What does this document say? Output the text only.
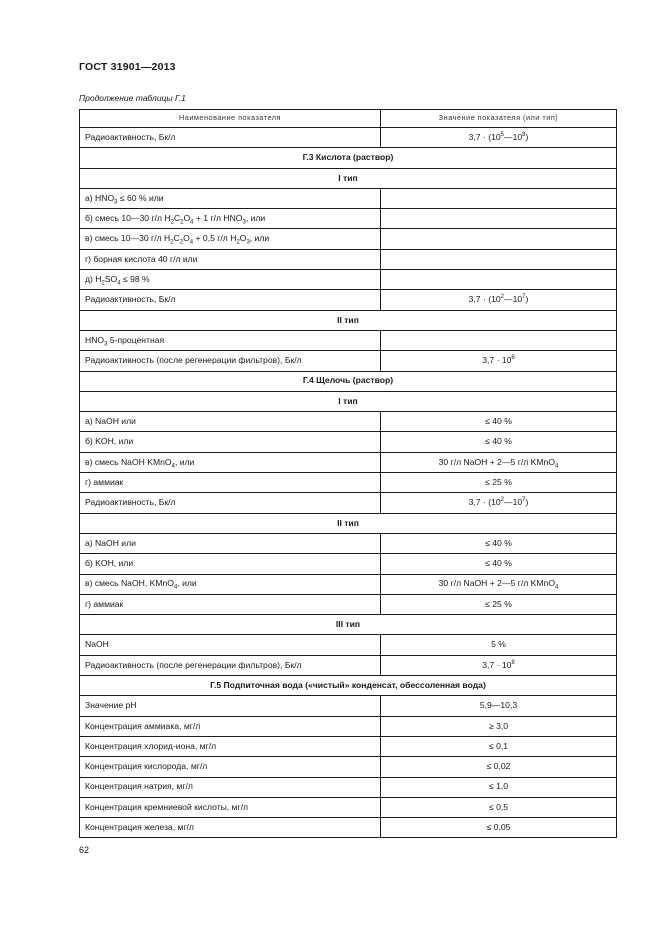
ГОСТ 31901—2013
Продолжение таблицы Г.1
Наименование показателя	Значение показателя (или тип)
Радиоактивность, Бк/л	$3,7 \cdot (10^5—10^8)$
Г.3 Кислота (раствор)	
I тип	
а) $HNO_3 \le 60$ % или	
б) смесь 10—30 г/л $H_2C_2O_4 + 1$ г/л $HNO_3$, или	
в) смесь 10—30 г/л $H_2C_2O_4 + 0,5$ г/л $H_2O_3$, или	
г) борная кислота 40 г/л или	
д) $H_2SO_4 \le 98$ %	
Радиоактивность, Бк/л	$3,7 \cdot (10^2—10^7)$
II тип	
$HNO_3$ 5-процентная	
Радиоактивность (после регенерации фильтров), Бк/л	$3,7 \cdot 10^8$
Г.4 Щелочь (раствор)	
I тип	
а) NaOH или	≤ 40 %
б) KOH, или	≤ 40 %
в) смесь NaOH KMnO$_4$, или	30 г/л NaOH + 2—5 г/л KMnO$_4$
г) аммиак	≤ 25 %
Радиоактивность, Бк/л	$3,7 \cdot (10^2—10^7)$
II тип	
а) NaOH или	≤ 40 %
б) KOH, или	≤ 40 %
в) смесь NaOH, KMnO$_4$, или	30 г/л NaOH + 2—5 г/л KMnO$_4$
г) аммиак	≤ 25 %
III тип	
NaOH	5 %
Радиоактивность (после регенерации фильтров), Бк/л	$3,7 \cdot 10^8$
Г.5 Подпиточная вода («чистый» конденсат, обессоленная вода)	
Значение pH	5,9—10,3
Концентрация аммиака, мг/л	≥ 3,0
Концентрация хлорид-иона, мг/л	≤ 0,1
Концентрация кислорода, мг/л	≤ 0,02
Концентрация натрия, мг/л	≤ 1,0
Концентрация кремниевой кислоты, мг/л	≤ 0,5
Концентрация железа, мг/л	≤ 0,05
62
